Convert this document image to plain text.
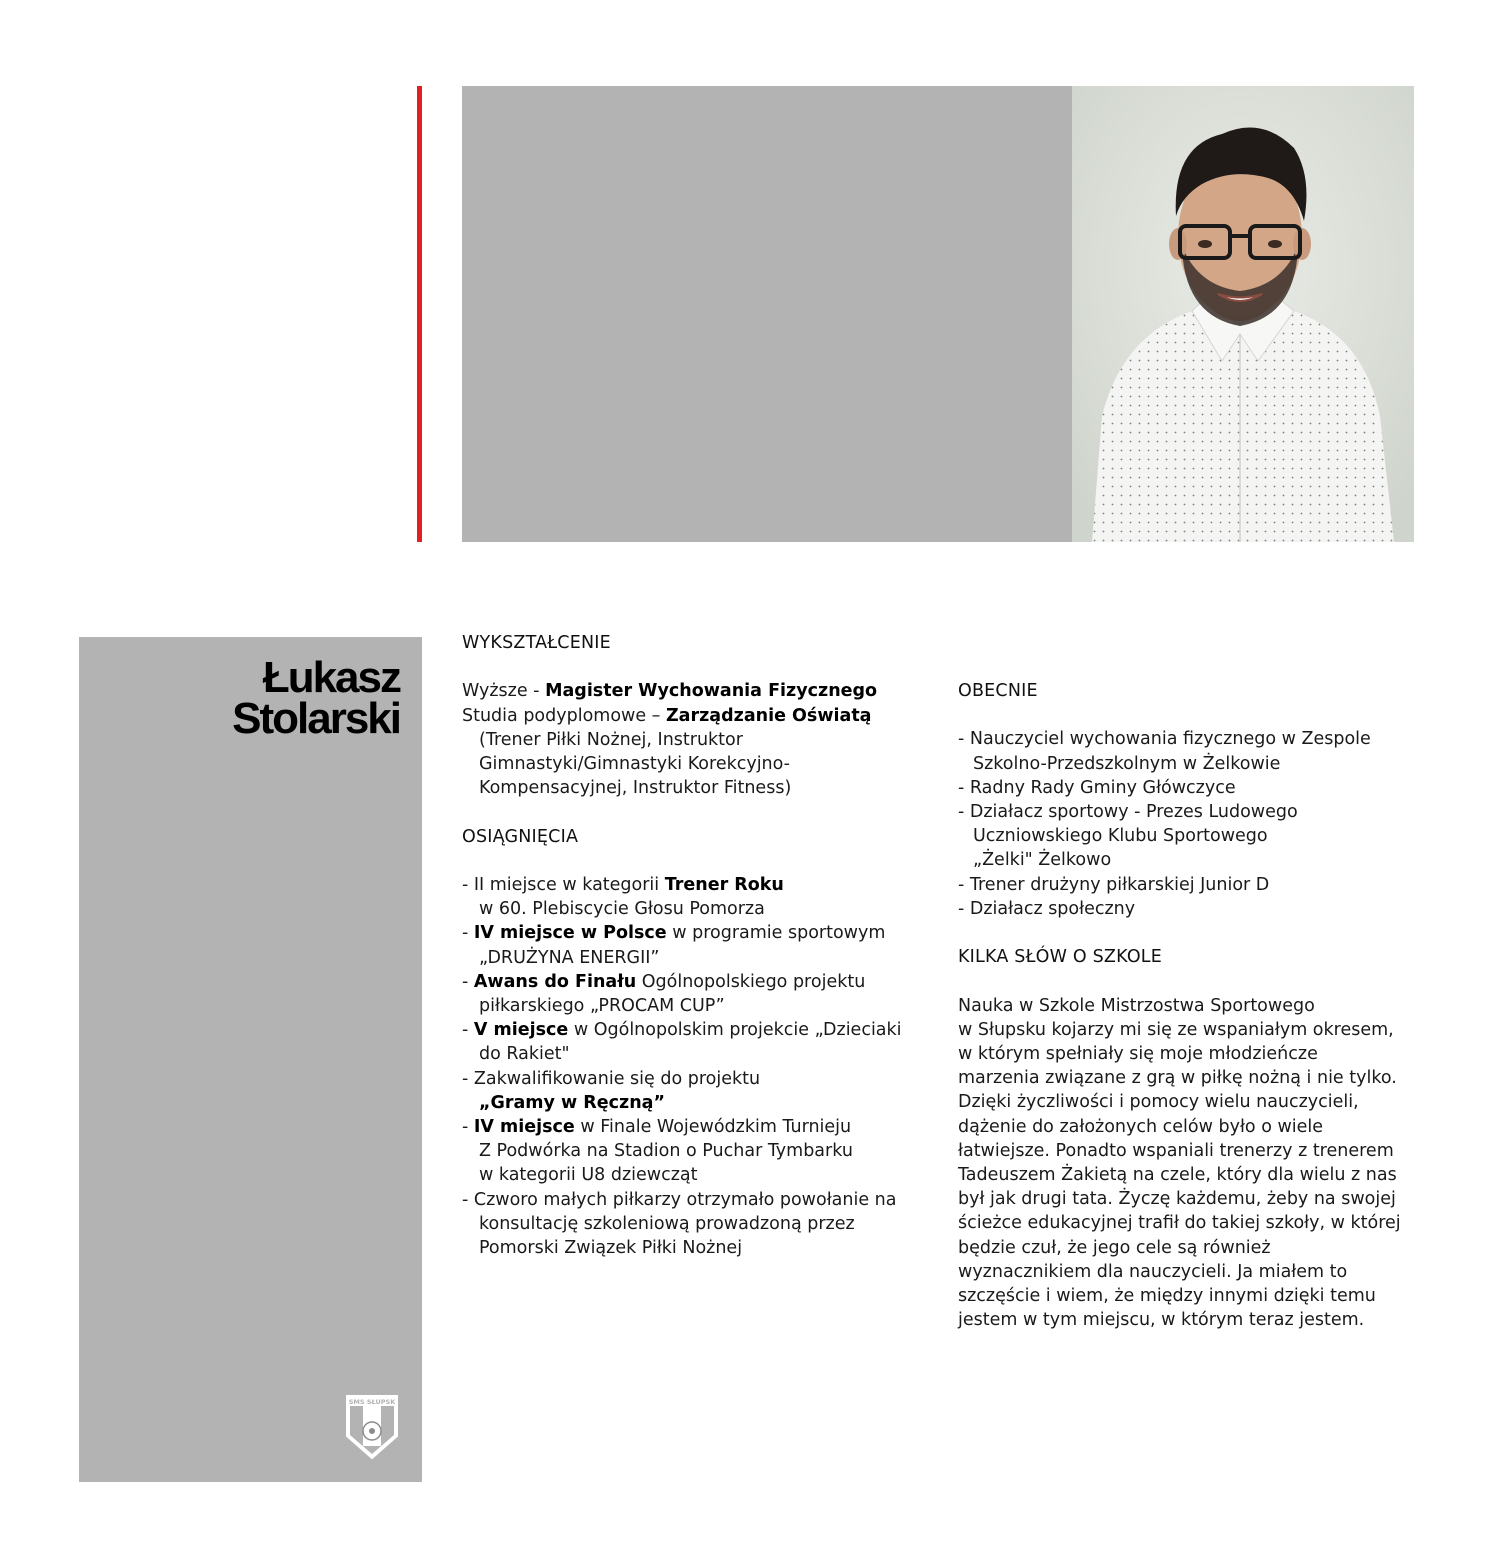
Łukasz
Stolarski
SMS SŁUPSK
WYKSZTAŁCENIE
Wyższe - Magister Wychowania Fizycznego
Studia podyplomowe – Zarządzanie Oświatą
(Trener Piłki Nożnej, Instruktor
Gimnastyki/Gimnastyki Korekcyjno-
Kompensacyjnej, Instruktor Fitness)
OSIĄGNIĘCIA
- II miejsce w kategorii Trener Roku
w 60. Plebiscycie Głosu Pomorza
- IV miejsce w Polsce w programie sportowym
„DRUŻYNA ENERGII”
- Awans do Finału Ogólnopolskiego projektu
piłkarskiego „PROCAM CUP”
- V miejsce w Ogólnopolskim projekcie „Dzieciaki
do Rakiet"
- Zakwalifikowanie się do projektu
„Gramy w Ręczną”
- IV miejsce w Finale Wojewódzkim Turnieju
Z Podwórka na Stadion o Puchar Tymbarku
w kategorii U8 dziewcząt
- Czworo małych piłkarzy otrzymało powołanie na
konsultację szkoleniową prowadzoną przez
Pomorski Związek Piłki Nożnej
OBECNIE
- Nauczyciel wychowania fizycznego w Zespole
Szkolno-Przedszkolnym w Żelkowie
- Radny Rady Gminy Główczyce
- Działacz sportowy - Prezes Ludowego
Uczniowskiego Klubu Sportowego
„Żelki" Żelkowo
- Trener drużyny piłkarskiej Junior D
- Działacz społeczny
KILKA SŁÓW O SZKOLE
Nauka w Szkole Mistrzostwa Sportowego
w Słupsku kojarzy mi się ze wspaniałym okresem,
w którym spełniały się moje młodzieńcze
marzenia związane z grą w piłkę nożną i nie tylko.
Dzięki życzliwości i pomocy wielu nauczycieli,
dążenie do założonych celów było o wiele
łatwiejsze. Ponadto wspaniali trenerzy z trenerem
Tadeuszem Żakietą na czele, który dla wielu z nas
był jak drugi tata. Życzę każdemu, żeby na swojej
ścieżce edukacyjnej trafił do takiej szkoły, w której
będzie czuł, że jego cele są również
wyznacznikiem dla nauczycieli. Ja miałem to
szczęście i wiem, że między innymi dzięki temu
jestem w tym miejscu, w którym teraz jestem.
